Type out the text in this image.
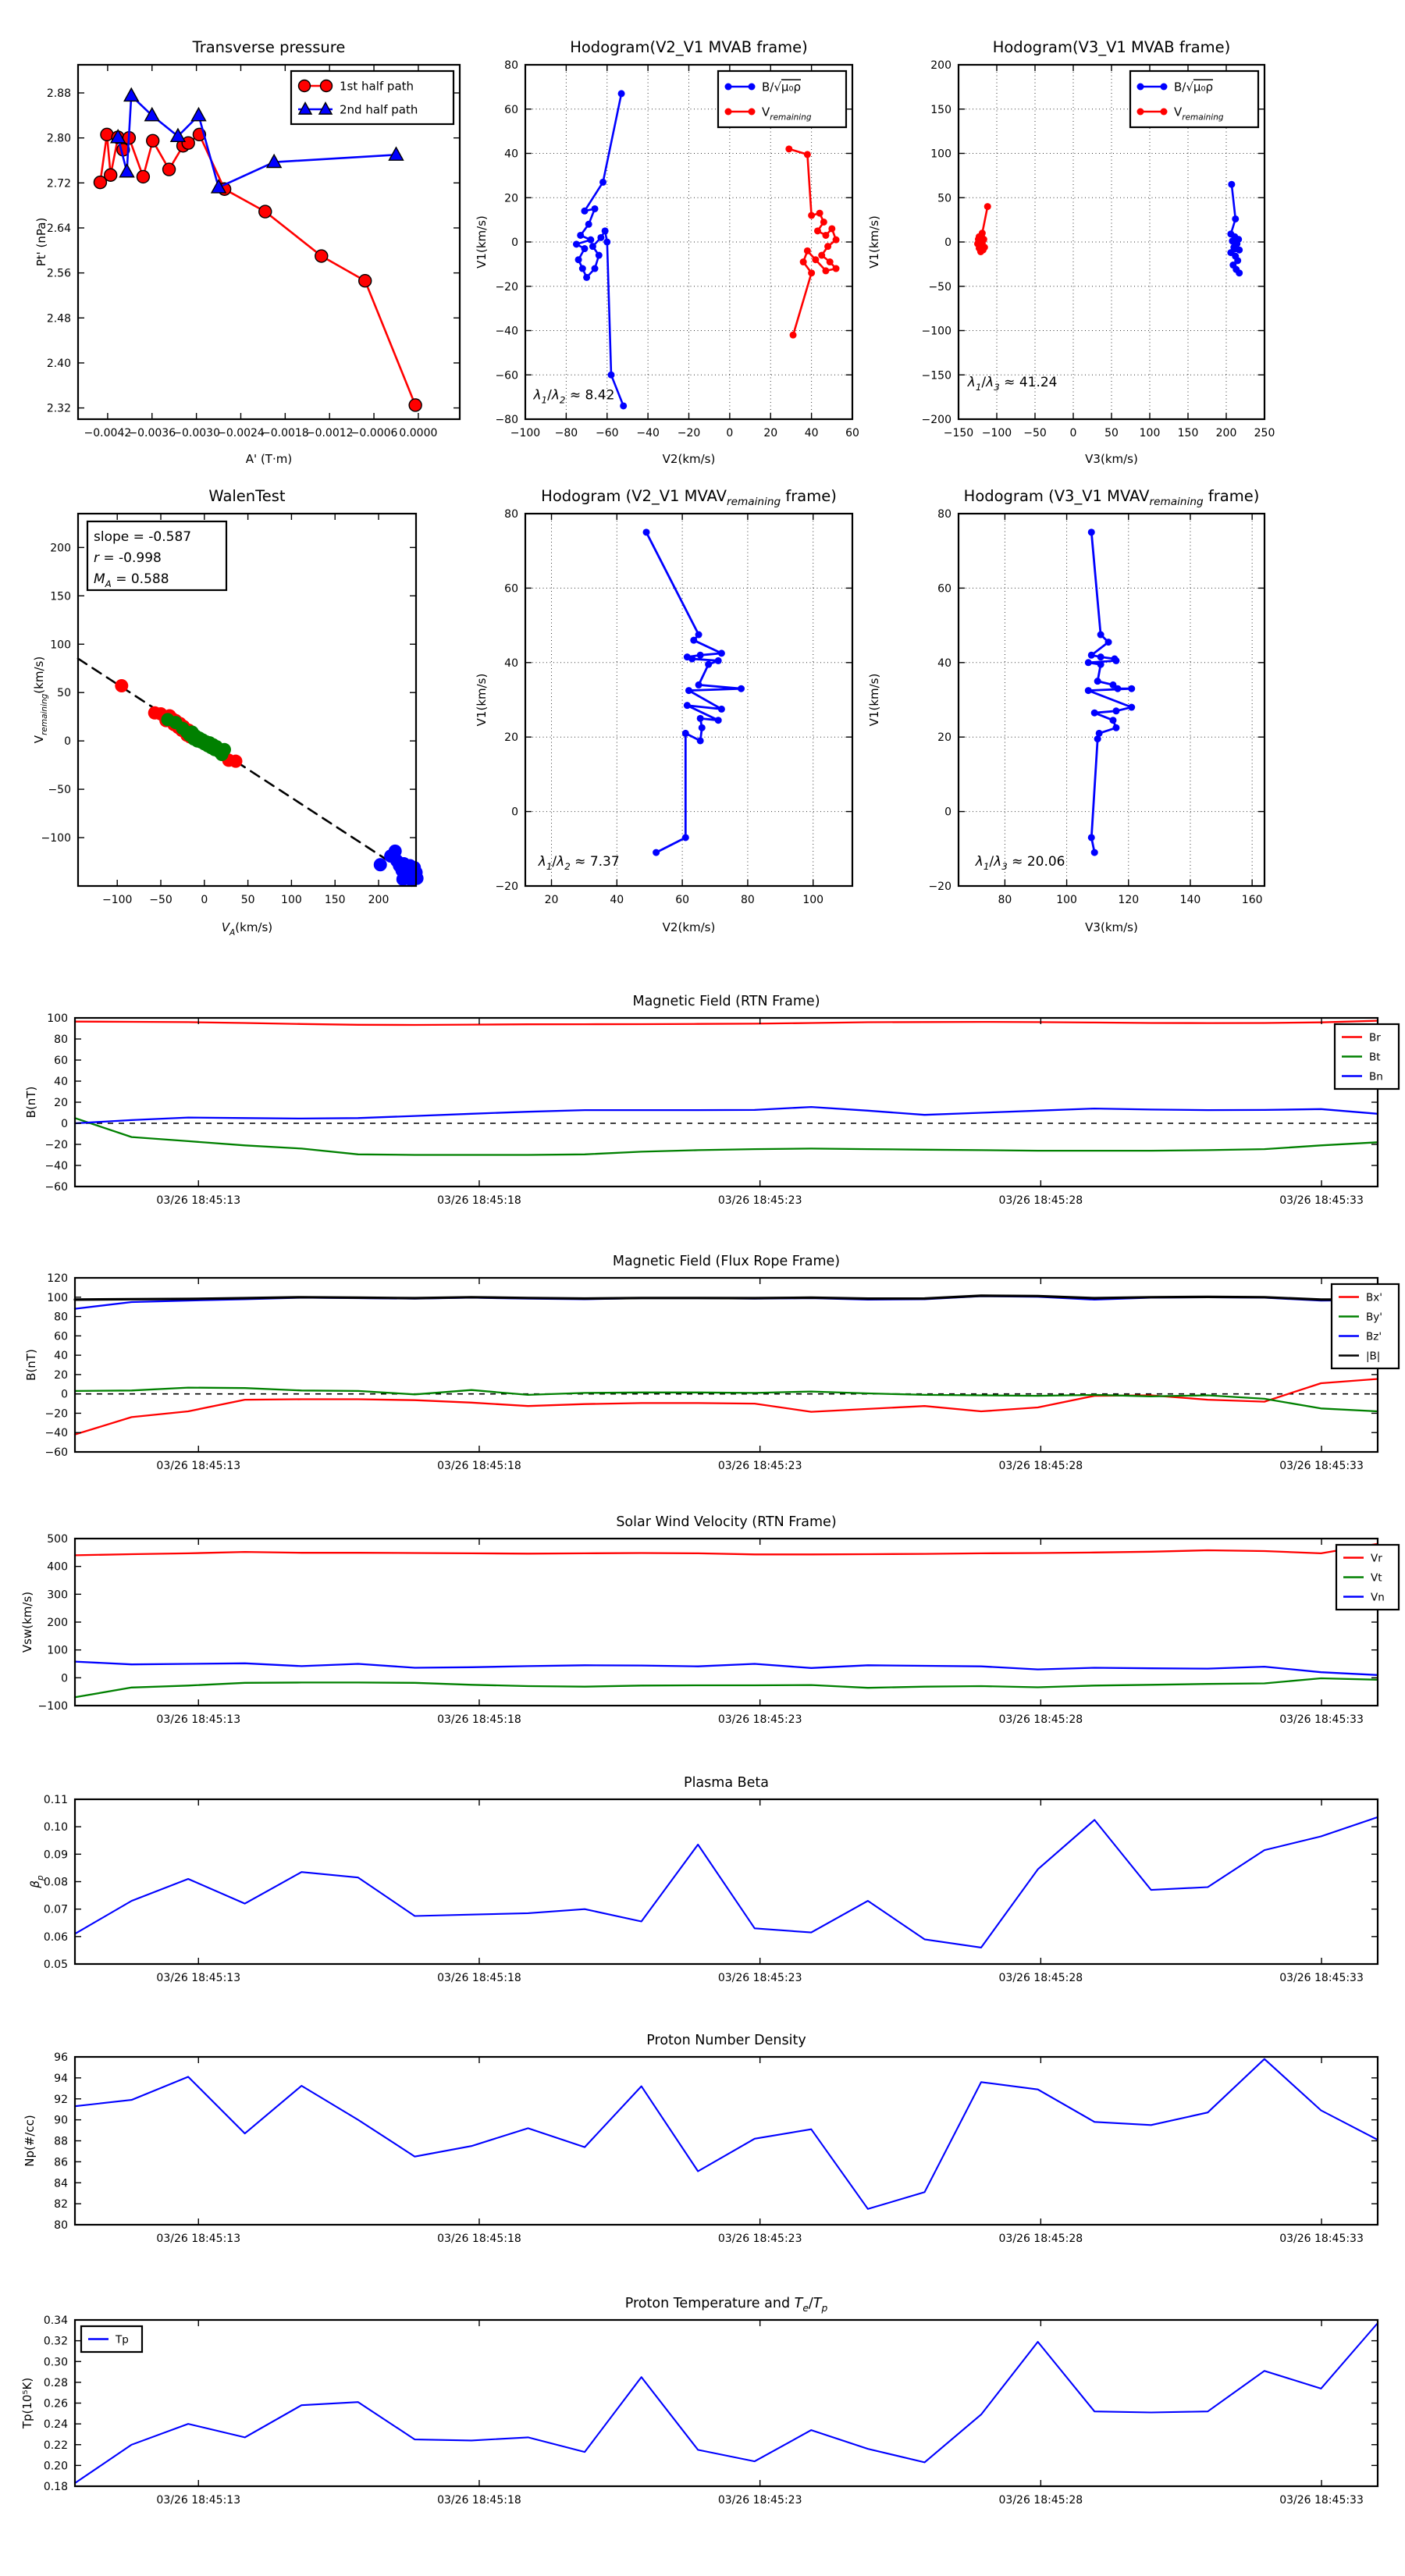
−0.0042
−0.0036
−0.0030
−0.0024
−0.0018
−0.0012
−0.0006 0.0000
2.32
2.40
2.48
2.56
2.64
2.72
2.80
2.88
Transverse pressure
A' (T·m)
Pt' (nPa)
1st half path
2nd half path
−100 −80 −60 −40 −20 0	20 40 60
−80
−60
−40
−20
0
20
40
60
80
Hodogram(V2_V1 MVAB frame)
V2(km/s)
V1(km/s)
$\lambda_1/\lambda_2 \approx 8.42$
B/√μ₀ρ
$V_{remaining}$
−150 −100 −50 0	50 100 150 200 250
−200
−150
−100
−50
0
50
100
150
200
Hodogram(V3_V1 MVAB frame)
V3(km/s)
V1(km/s)
$\lambda_1/\lambda_3 \approx 41.24$
B/√μ₀ρ
$V_{remaining}$
−100 −50	0	50 100 150 200
−100
−50
0
50
100
150
200
WalenTest
$V_A(km/s)$
$V_{remaining}(km/s)$
slope = -0.587
r = -0.998
$M_A = 0.588$
20	40	60	80	100
−20
0
20
40
60
80
Hodogram (V2_V1 $MVAV_{remaining}$ frame)
V2(km/s)
V1(km/s)
$\lambda_1/\lambda_2 \approx 7.37$
80	100	120	140	160
−20
0
20
40
60
80
Hodogram (V3_V1 $MVAV_{remaining}$ frame)
V3(km/s)
V1(km/s)
$\lambda_1/\lambda_3 \approx 20.06$
03/26 18:45:13	03/26 18:45:18	03/26 18:45:23	03/26 18:45:28	03/26 18:45:33
−60
−40
−20
0
20
40
60
80
100
Magnetic Field (RTN Frame)
B(nT)
Br
Bt
Bn
03/26 18:45:13	03/26 18:45:18	03/26 18:45:23	03/26 18:45:28	03/26 18:45:33
−60
−40
−20
0
20
40
60
80
100
120
Magnetic Field (Flux Rope Frame)
B(nT)
Bx'
By'
Bz'
|B|
03/26 18:45:13	03/26 18:45:18	03/26 18:45:23	03/26 18:45:28	03/26 18:45:33
−100
0
100
200
300
400
500
Solar Wind Velocity (RTN Frame)
Vsw(km/s)
Vr
Vt
Vn
03/26 18:45:13	03/26 18:45:18	03/26 18:45:23	03/26 18:45:28	03/26 18:45:33
0.05
0.06
0.07
0.08
0.09
0.10
0.11
Plasma Beta
$\beta_p$
03/26 18:45:13	03/26 18:45:18	03/26 18:45:23	03/26 18:45:28	03/26 18:45:33
80
82
84
86
88
90
92
94
96
Proton Number Density
Np(#/cc)
03/26 18:45:13	03/26 18:45:18	03/26 18:45:23	03/26 18:45:28	03/26 18:45:33
0.18
0.20
0.22
0.24
0.26
0.28
0.30
0.32
0.34
Proton Temperature and $T_e/T_p$
Tp(10⁵K)
Tp
